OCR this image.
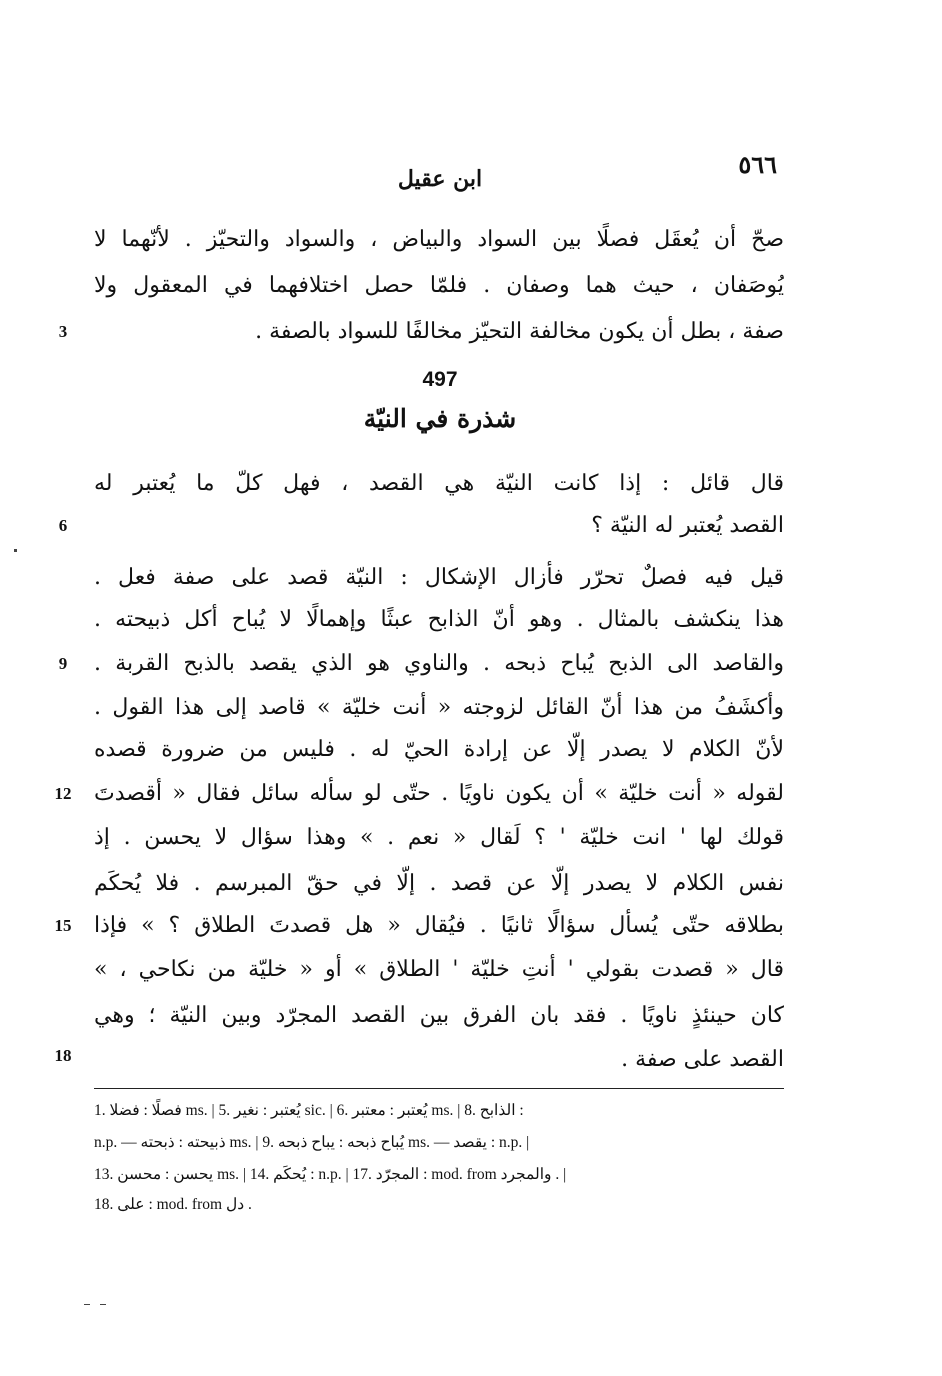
٥٦٦
ابن عقيل
صحّ أن يُعقَل فصلًا بين السواد والبياض ، والسواد والتحيّز . لأنّهما لا
يُوصَفان ، حيث هما وصفان . فلمّا حصل اختلافهما في المعقول ولا
صفة ، بطل أن يكون مخالفة التحيّز مخالفًا للسواد بالصفة .
3
497
شذرة في النيّة
قال قائل : إذا كانت النيّة هي القصد ، فهل كلّ ما يُعتبر له
القصد يُعتبر له النيّة ؟
6
قيل فيه فصلٌ تحرّر فأزال الإشكال : النيّة قصد على صفة فعل .
هذا ينكشف بالمثال . وهو أنّ الذابح عبثًا وإهمالًا لا يُباح أكل ذبيحته .
والقاصد الى الذبح يُباح ذبحه . والناوي هو الذي يقصد بالذبح القربة .
9
وأكشَفُ من هذا أنّ القائل لزوجته « أنت خليّة » قاصد إلى هذا القول .
لأنّ الكلام لا يصدر إلّا عن إرادة الحيّ له . فليس من ضرورة قصده
لقوله « أنت خليّة » أن يكون ناويًا . حتّى لو سأله سائل فقال « أقصدتَ
12
قولك لها ' انت خليّة ' ؟ لَقال « نعم . » وهذا سؤال لا يحسن . إذ
نفس الكلام لا يصدر إلّا عن قصد . إلّا في حقّ المبرسم . فلا يُحكَم
بطلاقه حتّى يُسأل سؤالًا ثانيًا . فيُقال « هل قصدتَ الطلاق ؟ » فإذا
15
قال « قصدت بقولي ' أنتِ خليّة ' الطلاق » أو « خليّة من نكاحي ، »
كان حينئذٍ ناويًا . فقد بان الفرق بين القصد المجرّد وبين النيّة ؛ وهي
القصد على صفة .
18
1. فصلًا : فضلا ms. | 5. يُعتبر : نغير sic. | 6. يُعتبر : معتبر ms. | 8. الذابح :
n.p. — ذبيحته : ذبحته ms. | 9. يُباح ذبحه : يباح ذبحه ms. — يقصد : n.p. |
13. يحسن : محسن ms. | 14. يُحكَم : n.p. | 17. المجرّد : mod. from والمجرد . |
18. على : mod. from دل .
